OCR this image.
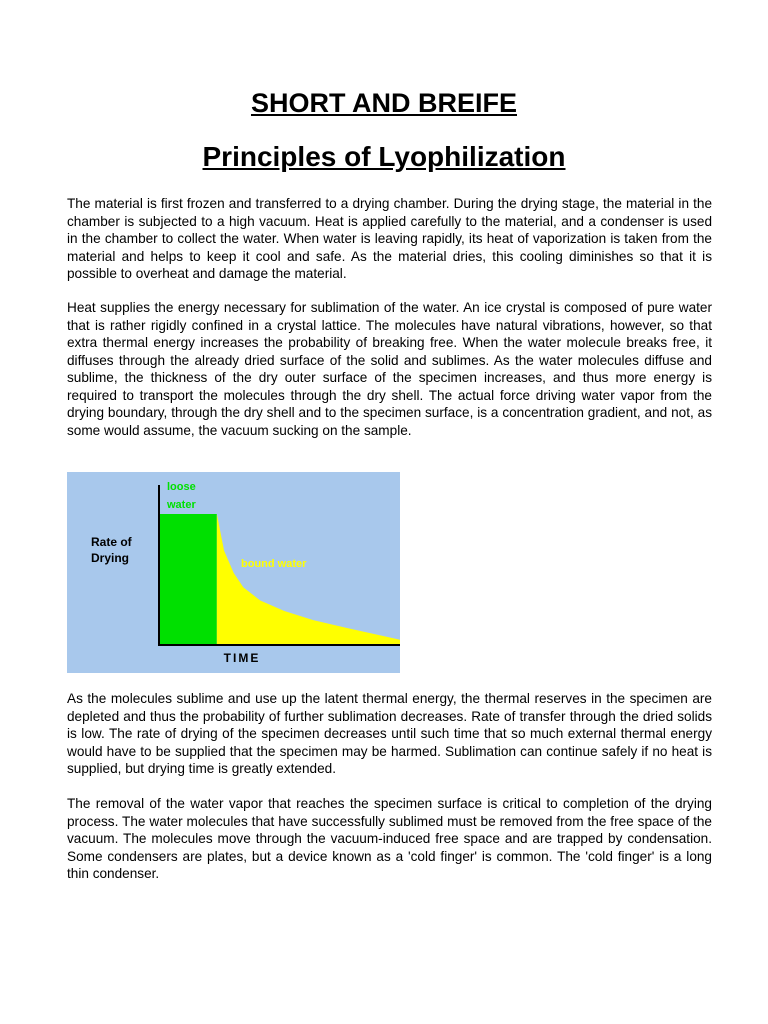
SHORT AND BREIFE
Principles of Lyophilization

The material is first frozen and transferred to a drying chamber. During the drying stage, the material in the chamber is subjected to a high vacuum. Heat is applied carefully to the material, and a condenser is used in the chamber to collect the water. When water is leaving rapidly, its heat of vaporization is taken from the material and helps to keep it cool and safe. As the material dries, this cooling diminishes so that it is possible to overheat and damage the material.

Heat supplies the energy necessary for sublimation of the water. An ice crystal is composed of pure water that is rather rigidly confined in a crystal lattice. The molecules have natural vibrations, however, so that extra thermal energy increases the probability of breaking free. When the water molecule breaks free, it diffuses through the already dried surface of the solid and sublimes. As the water molecules diffuse and sublime, the thickness of the dry outer surface of the specimen increases, and thus more energy is required to transport the molecules through the dry shell. The actual force driving water vapor from the drying boundary, through the dry shell and to the specimen surface, is a concentration gradient, and not, as some would assume, the vacuum sucking on the sample.

Rate of
Drying
TIME
loose
water
bound water

As the molecules sublime and use up the latent thermal energy, the thermal reserves in the specimen are depleted and thus the probability of further sublimation decreases. Rate of transfer through the dried solids is low. The rate of drying of the specimen decreases until such time that so much external thermal energy would have to be supplied that the specimen may be harmed. Sublimation can continue safely if no heat is supplied, but drying time is greatly extended.

The removal of the water vapor that reaches the specimen surface is critical to completion of the drying process. The water molecules that have successfully sublimed must be removed from the free space of the vacuum. The molecules move through the vacuum-induced free space and are trapped by condensation. Some condensers are plates, but a device known as a 'cold finger' is common. The 'cold finger' is a long thin condenser.
